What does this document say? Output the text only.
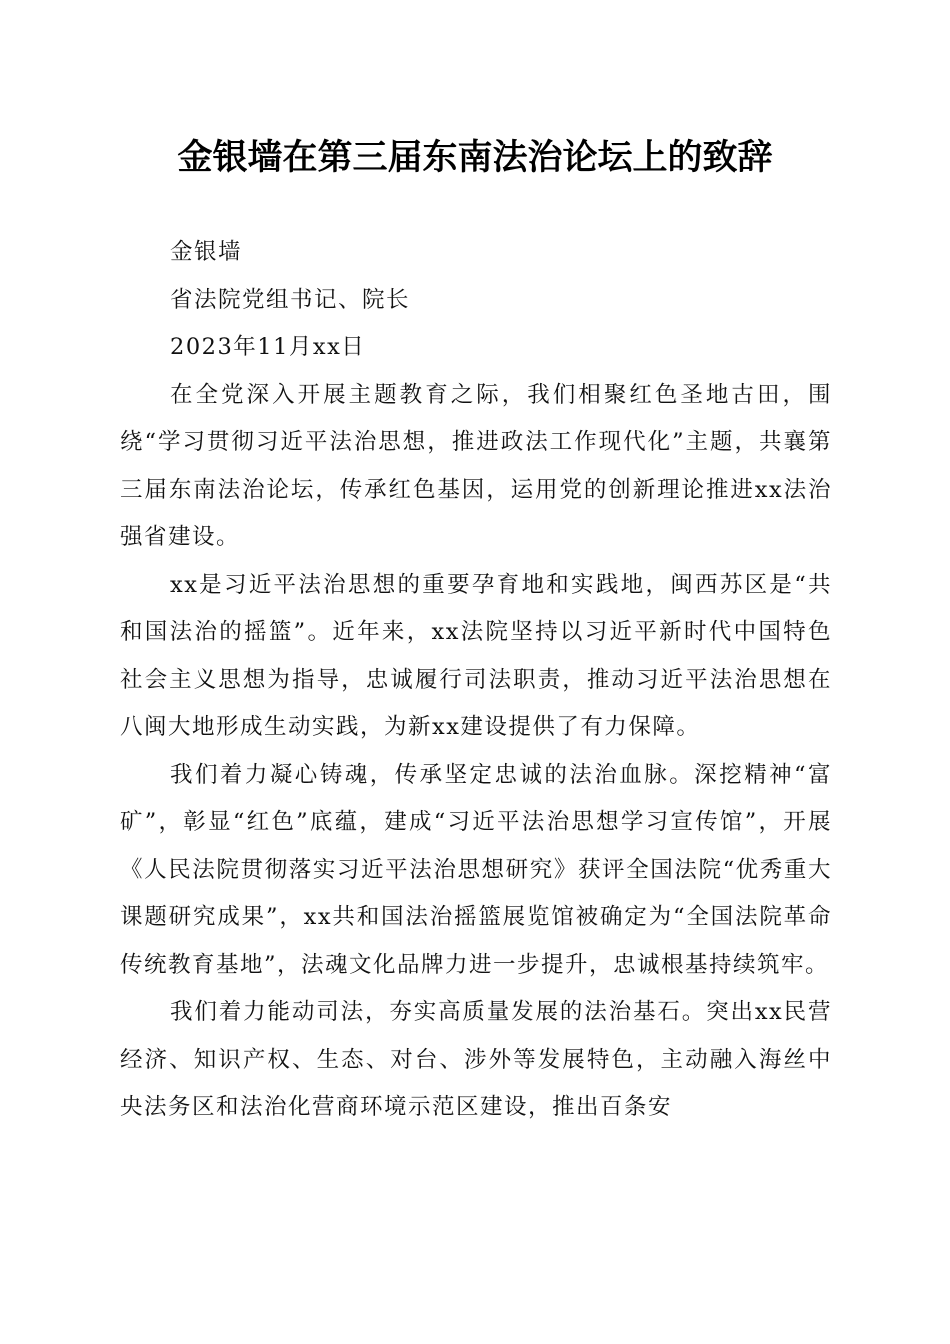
金银墙在第三届东南法治论坛上的致辞
金银墙
省法院党组书记、院长
2023年11月xx日

在全党深入开展主题教育之际，我们相聚红色圣地古田，围绕“学习贯彻习近平法治思想，推进政法工作现代化”主题，共襄第三届东南法治论坛，传承红色基因，运用党的创新理论推进xx法治强省建设。

xx是习近平法治思想的重要孕育地和实践地，闽西苏区是“共和国法治的摇篮”。近年来，xx法院坚持以习近平新时代中国特色社会主义思想为指导，忠诚履行司法职责，推动习近平法治思想在八闽大地形成生动实践，为新xx建设提供了有力保障。

我们着力凝心铸魂，传承坚定忠诚的法治血脉。深挖精神“富矿”，彰显“红色”底蕴，建成“习近平法治思想学习宣传馆”，开展《人民法院贯彻落实习近平法治思想研究》获评全国法院“优秀重大课题研究成果”，xx共和国法治摇篮展览馆被确定为“全国法院革命传统教育基地”，法魂文化品牌力进一步提升，忠诚根基持续筑牢。

我们着力能动司法，夯实高质量发展的法治基石。突出xx民营经济、知识产权、生态、对台、涉外等发展特色，主动融入海丝中央法务区和法治化营商环境示范区建设，推出百条安
